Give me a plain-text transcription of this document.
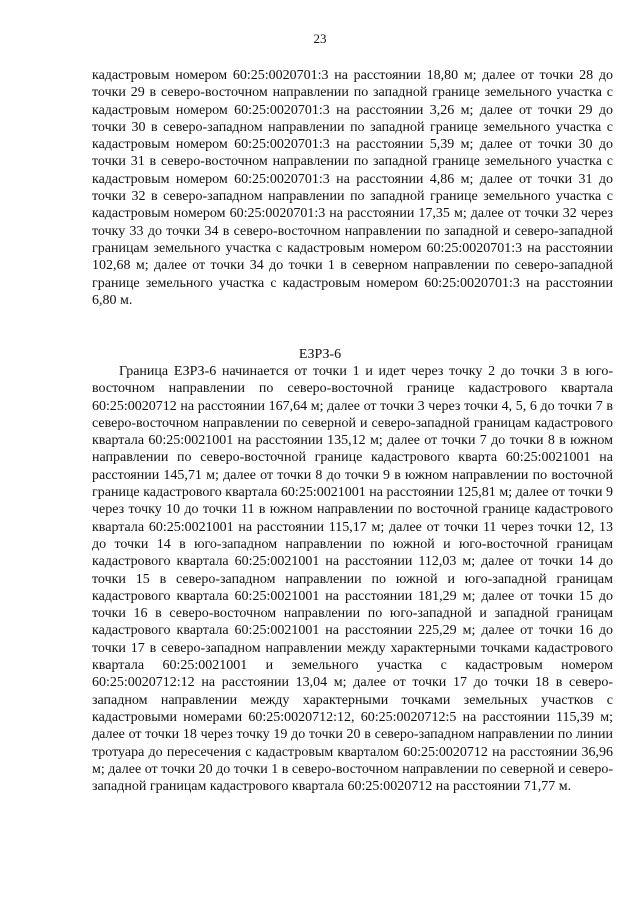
23

кадастровым номером 60:25:0020701:3 на расстоянии 18,80 м; далее от точки 28 до точки 29 в северо-восточном направлении по западной границе земельного участка с кадастровым номером 60:25:0020701:3 на расстоянии 3,26 м; далее от точки 29 до точки 30 в северо-западном направлении по западной границе земельного участка с кадастровым номером 60:25:0020701:3 на расстоянии 5,39 м; далее от точки 30 до точки 31 в северо-восточном направлении по западной границе земельного участка с кадастровым номером 60:25:0020701:3 на расстоянии 4,86 м; далее от точки 31 до точки 32 в северо-западном направлении по западной границе земельного участка с кадастровым номером 60:25:0020701:3 на расстоянии 17,35 м; далее от точки 32 через точку 33 до точки 34 в северо-восточном направлении по западной и северо-западной границам земельного участка с кадастровым номером 60:25:0020701:3 на расстоянии 102,68 м; далее от точки 34 до точки 1 в северном направлении по северо-западной границе земельного участка с кадастровым номером 60:25:0020701:3 на расстоянии 6,80 м.

ЕЗРЗ-6

Граница ЕЗРЗ-6 начинается от точки 1 и идет через точку 2 до точки 3 в юго-восточном направлении по северо-восточной границе кадастрового квартала 60:25:0020712 на расстоянии 167,64 м; далее от точки 3 через точки 4, 5, 6 до точки 7 в северо-восточном направлении по северной и северо-западной границам кадастрового квартала 60:25:0021001 на расстоянии 135,12 м; далее от точки 7 до точки 8 в южном направлении по северо-восточной границе кадастрового кварта 60:25:0021001 на расстоянии 145,71 м; далее от точки 8 до точки 9 в южном направлении по восточной границе кадастрового квартала 60:25:0021001 на расстоянии 125,81 м; далее от точки 9 через точку 10 до точки 11 в южном направлении по восточной границе кадастрового квартала 60:25:0021001 на расстоянии 115,17 м; далее от точки 11 через точки 12, 13 до точки 14 в юго-западном направлении по южной и юго-восточной границам кадастрового квартала 60:25:0021001 на расстоянии 112,03 м; далее от точки 14 до точки 15 в северо-западном направлении по южной и юго-западной границам кадастрового квартала 60:25:0021001 на расстоянии 181,29 м; далее от точки 15 до точки 16 в северо-восточном направлении по юго-западной и западной границам кадастрового квартала 60:25:0021001 на расстоянии 225,29 м; далее от точки 16 до точки 17 в северо-западном направлении между характерными точками кадастрового квартала 60:25:0021001 и земельного участка с кадастровым номером 60:25:0020712:12 на расстоянии 13,04 м; далее от точки 17 до точки 18 в северо-западном направлении между характерными точками земельных участков с кадастровыми номерами 60:25:0020712:12, 60:25:0020712:5 на расстоянии 115,39 м; далее от точки 18 через точку 19 до точки 20 в северо-западном направлении по линии тротуара до пересечения с кадастровым кварталом 60:25:0020712 на расстоянии 36,96 м; далее от точки 20 до точки 1 в северо-восточном направлении по северной и северо-западной границам кадастрового квартала 60:25:0020712 на расстоянии 71,77 м.
